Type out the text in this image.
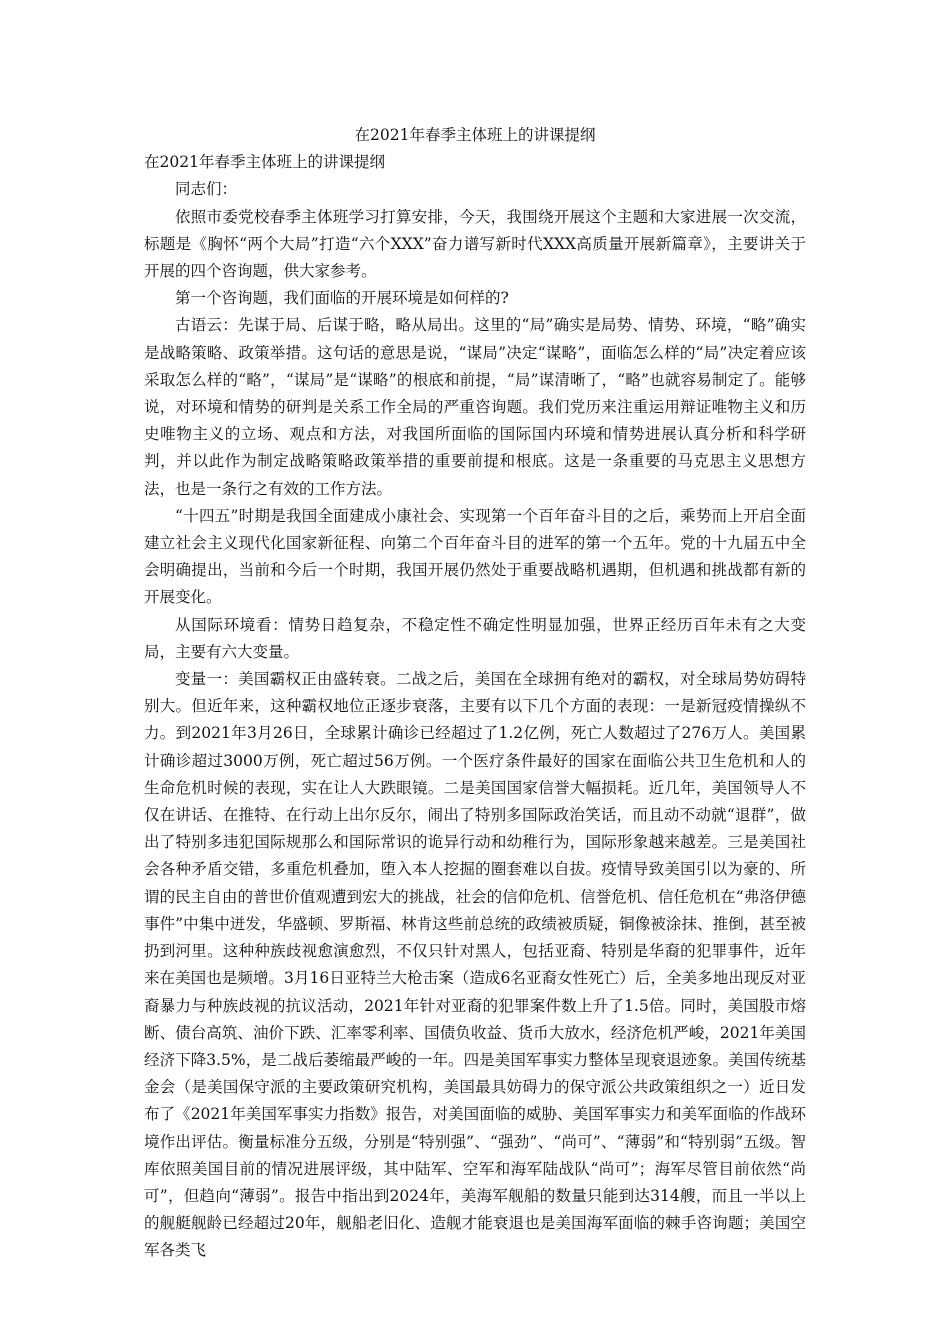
在2021年春季主体班上的讲课提纲

在2021年春季主体班上的讲课提纲

同志们：

依照市委党校春季主体班学习打算安排，今天，我围绕开展这个主题和大家进展一次交流，标题是《胸怀“两个大局”打造“六个XXX”奋力谱写新时代XXX高质量开展新篇章》，主要讲关于开展的四个咨询题，供大家参考。

第一个咨询题，我们面临的开展环境是如何样的?

古语云：先谋于局、后谋于略，略从局出。这里的“局”确实是局势、情势、环境，“略”确实是战略策略、政策举措。这句话的意思是说，“谋局”决定“谋略”，面临怎么样的“局”决定着应该采取怎么样的“略”，“谋局”是“谋略”的根底和前提，“局”谋清晰了，“略”也就容易制定了。能够说，对环境和情势的研判是关系工作全局的严重咨询题。我们党历来注重运用辩证唯物主义和历史唯物主义的立场、观点和方法，对我国所面临的国际国内环境和情势进展认真分析和科学研判，并以此作为制定战略策略政策举措的重要前提和根底。这是一条重要的马克思主义思想方法，也是一条行之有效的工作方法。

“十四五”时期是我国全面建成小康社会、实现第一个百年奋斗目的之后，乘势而上开启全面建立社会主义现代化国家新征程、向第二个百年奋斗目的进军的第一个五年。党的十九届五中全会明确提出，当前和今后一个时期，我国开展仍然处于重要战略机遇期，但机遇和挑战都有新的开展变化。

从国际环境看：情势日趋复杂，不稳定性不确定性明显加强，世界正经历百年未有之大变局，主要有六大变量。

变量一：美国霸权正由盛转衰。二战之后，美国在全球拥有绝对的霸权，对全球局势妨碍特别大。但近年来，这种霸权地位正逐步衰落，主要有以下几个方面的表现：一是新冠疫情操纵不力。到2021年3月26日，全球累计确诊已经超过了1.2亿例，死亡人数超过了276万人。美国累计确诊超过3000万例，死亡超过56万例。一个医疗条件最好的国家在面临公共卫生危机和人的生命危机时候的表现，实在让人大跌眼镜。二是美国国家信誉大幅损耗。近几年，美国领导人不仅在讲话、在推特、在行动上出尔反尔，闹出了特别多国际政治笑话，而且动不动就“退群”，做出了特别多违犯国际规那么和国际常识的诡异行动和幼稚行为，国际形象越来越差。三是美国社会各种矛盾交错，多重危机叠加，堕入本人挖掘的圈套难以自拔。疫情导致美国引以为豪的、所谓的民主自由的普世价值观遭到宏大的挑战，社会的信仰危机、信誉危机、信任危机在“弗洛伊德事件”中集中迸发，华盛顿、罗斯福、林肯这些前总统的政绩被质疑，铜像被涂抹、推倒，甚至被扔到河里。这种种族歧视愈演愈烈，不仅只针对黑人，包括亚裔、特别是华裔的犯罪事件，近年来在美国也是频增。3月16日亚特兰大枪击案（造成6名亚裔女性死亡）后，全美多地出现反对亚裔暴力与种族歧视的抗议活动，2021年针对亚裔的犯罪案件数上升了1.5倍。同时，美国股市熔断、债台高筑、油价下跌、汇率零利率、国债负收益、货币大放水，经济危机严峻，2021年美国经济下降3.5%，是二战后萎缩最严峻的一年。四是美国军事实力整体呈现衰退迹象。美国传统基金会（是美国保守派的主要政策研究机构，美国最具妨碍力的保守派公共政策组织之一）近日发布了《2021年美国军事实力指数》报告，对美国面临的威胁、美国军事实力和美军面临的作战环境作出评估。衡量标准分五级，分别是“特别强”、“强劲”、“尚可”、“薄弱”和“特别弱”五级。智库依照美国目前的情况进展评级，其中陆军、空军和海军陆战队“尚可”；海军尽管目前依然“尚可”，但趋向“薄弱”。报告中指出到2024年，美海军舰船的数量只能到达314艘，而且一半以上的舰艇舰龄已经超过20年，舰船老旧化、造舰才能衰退也是美国海军面临的棘手咨询题；美国空军各类飞
